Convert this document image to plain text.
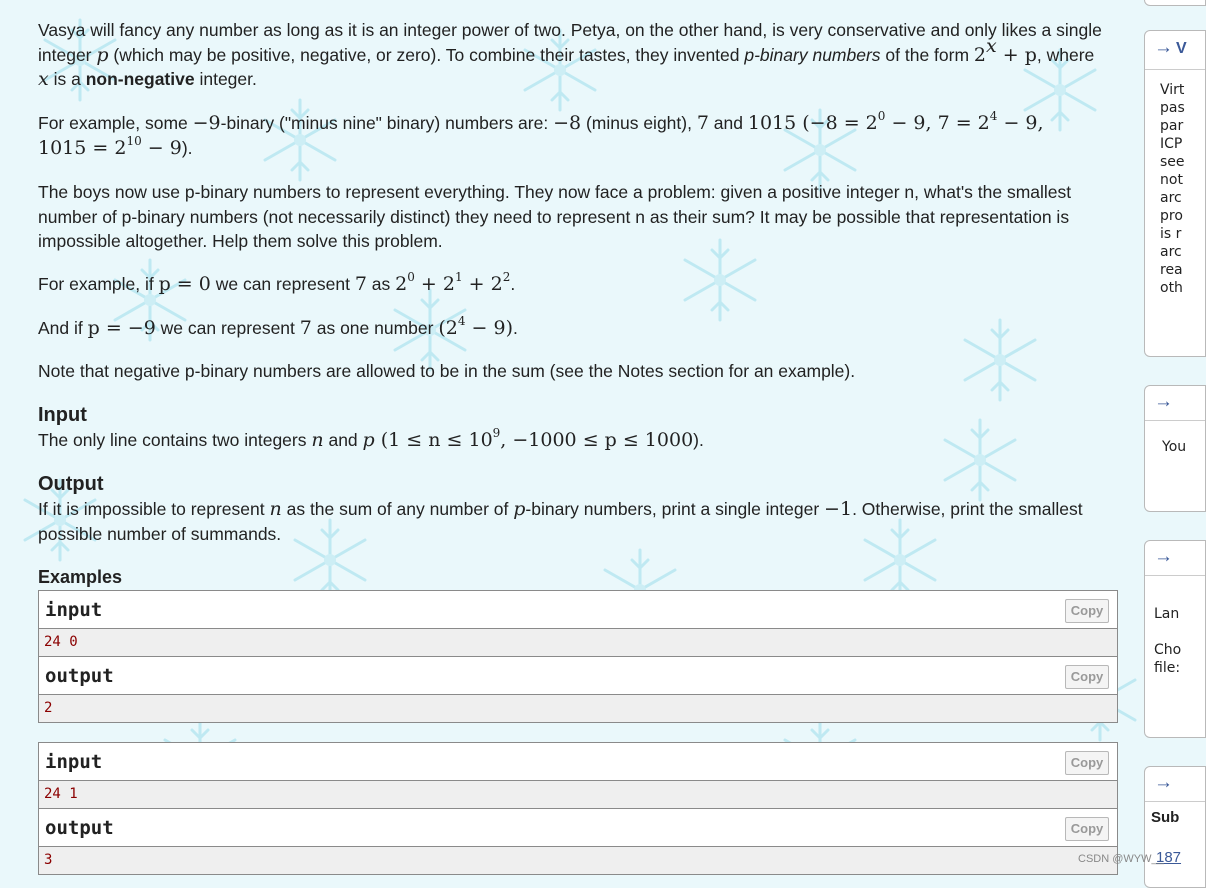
Vasya will fancy any number as long as it is an integer power of two. Petya, on the other hand, is very conservative and only likes a single integer p (which may be positive, negative, or zero). To combine their tastes, they invented p-binary numbers of the form $2^x + p$, where x is a non-negative integer.

For example, some −9-binary ("minus nine" binary) numbers are: −8 (minus eight), 7 and 1015 ($-8 = 2^0 - 9$, $7 = 2^4 - 9$,
$1015 = 2^{10} - 9$).

The boys now use p-binary numbers to represent everything. They now face a problem: given a positive integer n, what's the smallest number of p-binary numbers (not necessarily distinct) they need to represent n as their sum? It may be possible that representation is impossible altogether. Help them solve this problem.

For example, if p = 0 we can represent 7 as $2^0 + 2^1 + 2^2$.

And if p = −9 we can represent 7 as one number $(2^4 - 9)$.

Note that negative p-binary numbers are allowed to be in the sum (see the Notes section for an example).

Input

The only line contains two integers n and p ($1 \le n \le 10^9$, −1000 ≤ p ≤ 1000).

Output

If it is impossible to represent n as the sum of any number of p-binary numbers, print a single integer −1. Otherwise, print the smallest possible number of summands.

Examples

input	Copy
24 0
output	Copy
2
input	Copy
24 1
output	Copy
3
→ V
Virt
pas
par
ICP
see
not
arc
pro
is r
arc
rea
oth
→
You
→
Lan

Cho
file:
→
Sub
187
CSDN @WYW__
